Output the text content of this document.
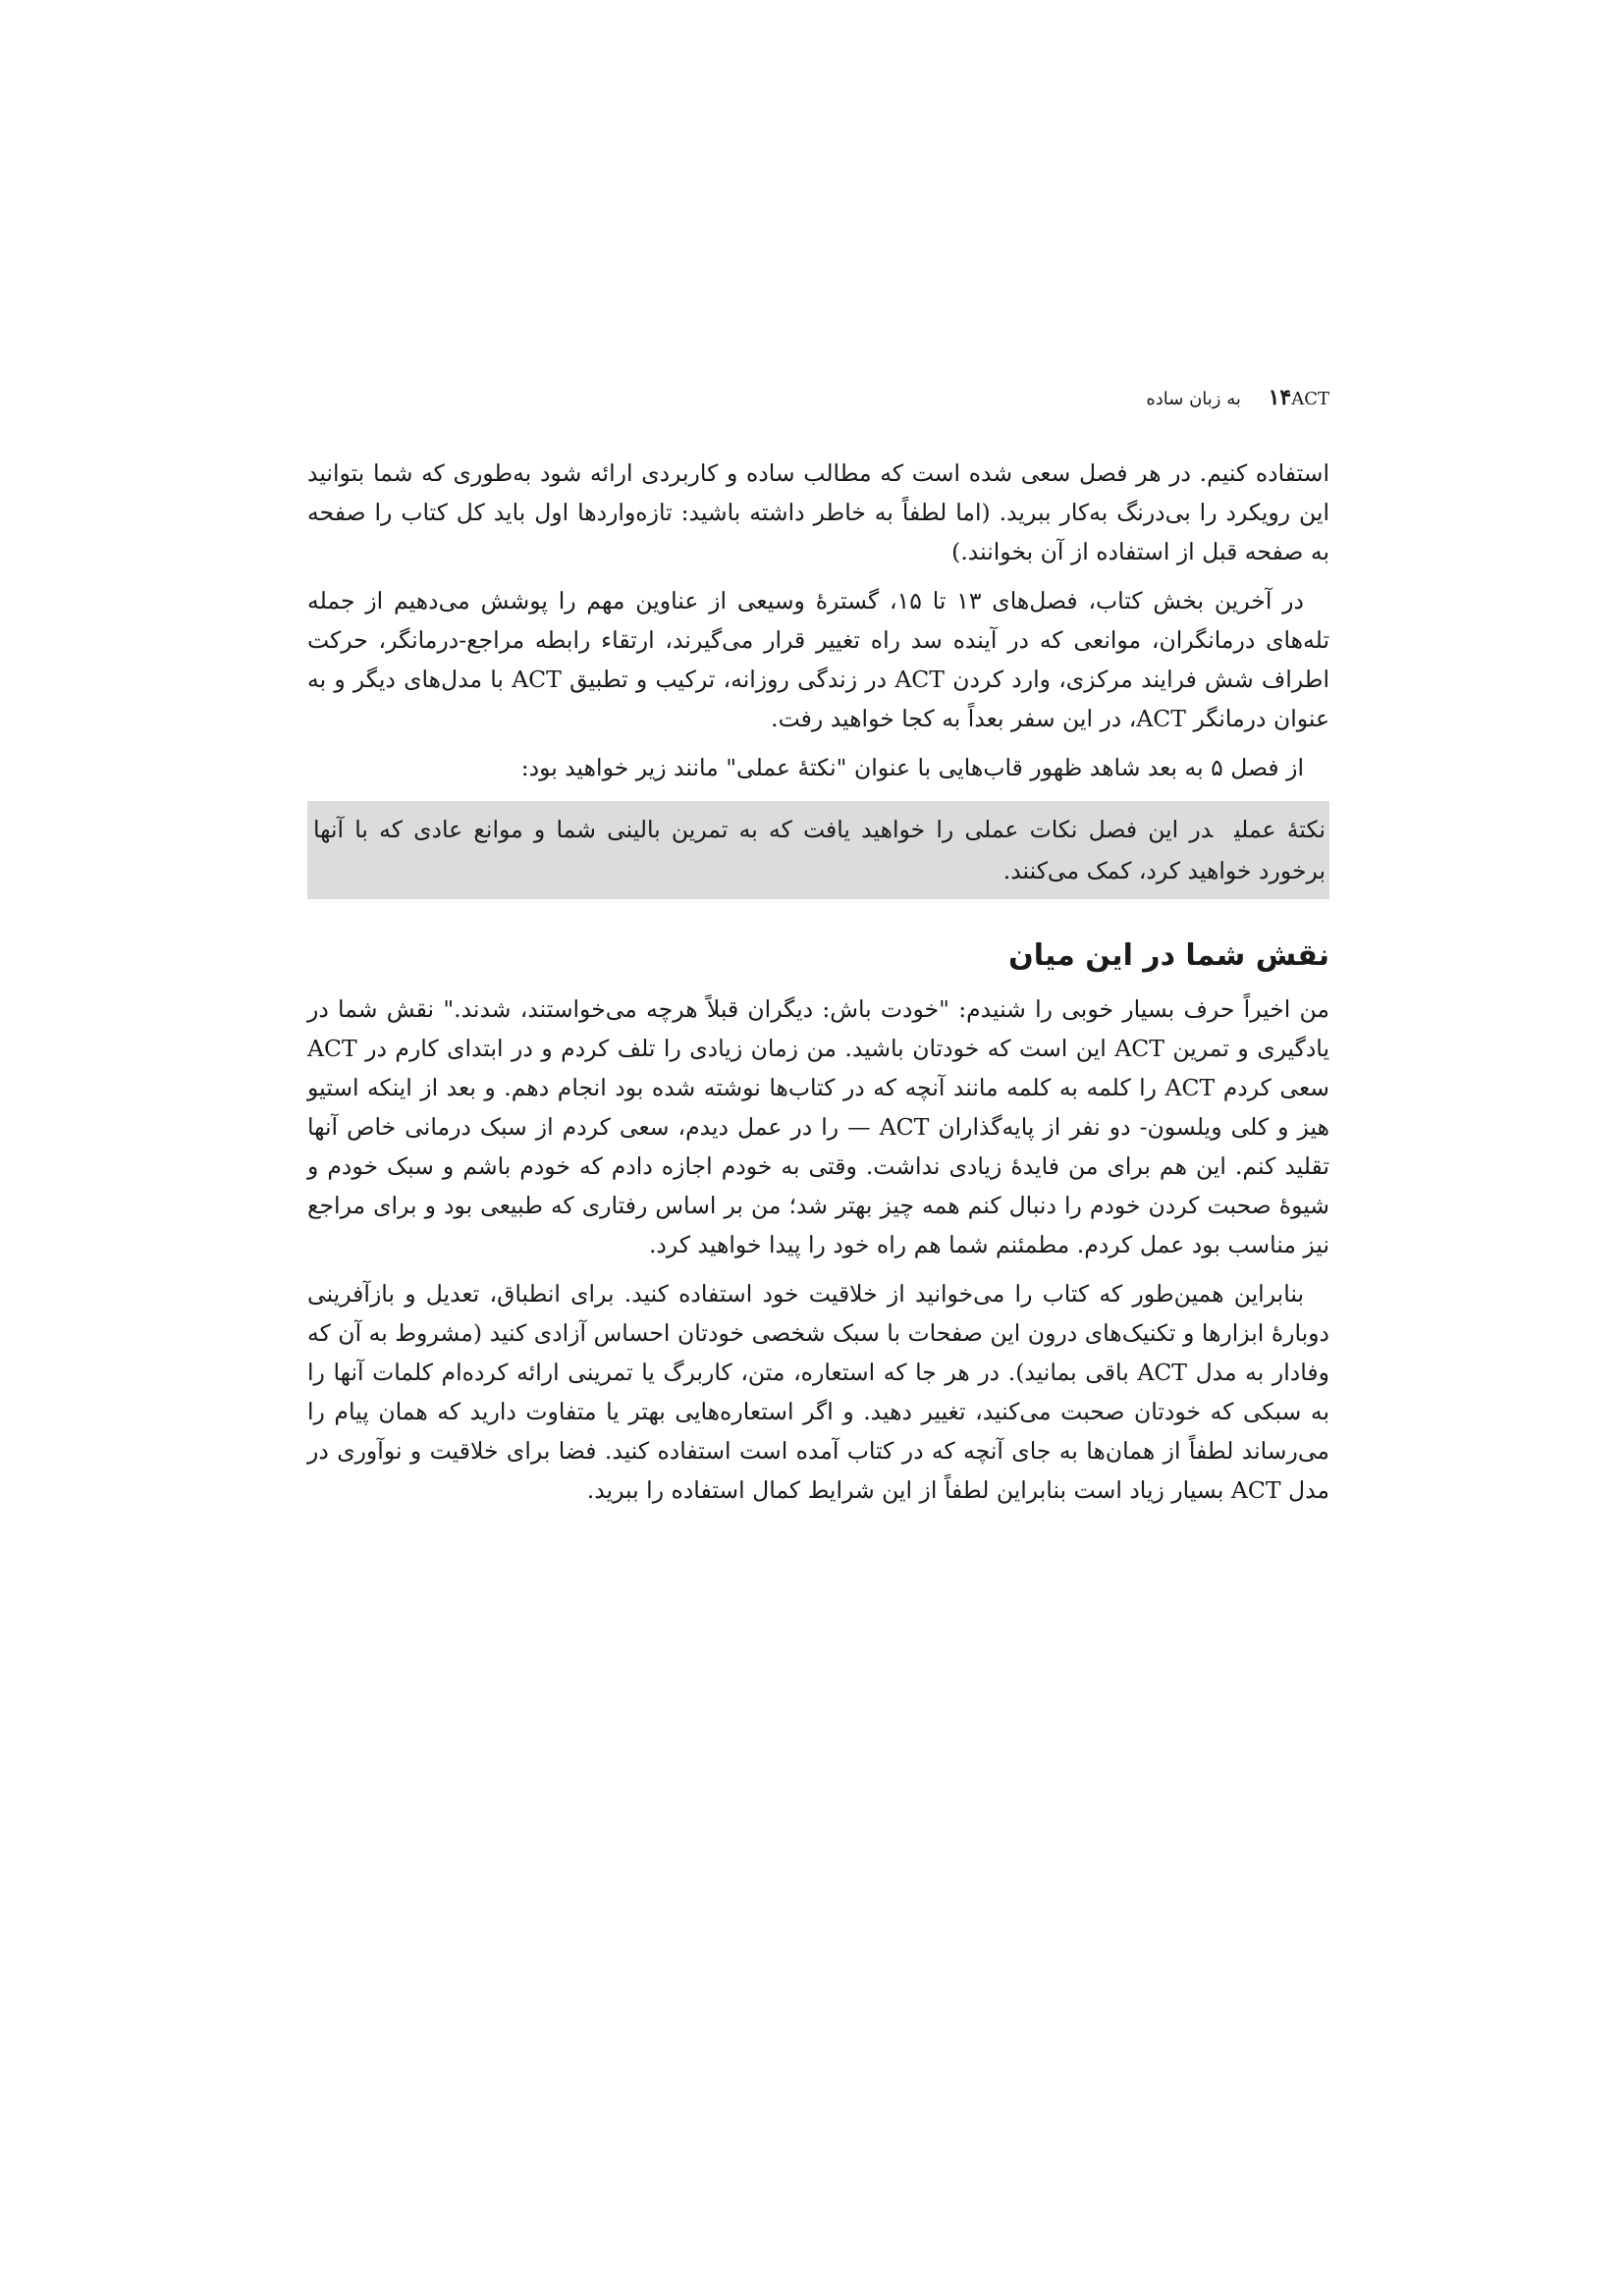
۱۴ACT به زبان ساده

استفاده کنیم. در هر فصل سعی شده است که مطالب ساده و کاربردی ارائه شود به‌طوری که شما بتوانید این رویکرد را بی‌درنگ به‌کار ببرید. (اما لطفاً به خاطر داشته باشید: تازه‌واردها اول باید کل کتاب را صفحه به صفحه قبل از استفاده از آن بخوانند.)

در آخرین بخش کتاب، فصل‌های ۱۳ تا ۱۵، گسترهٔ وسیعی از عناوین مهم را پوشش می‌دهیم از جمله تله‌های درمانگران، موانعی که در آینده سد راه تغییر قرار می‌گیرند، ارتقاء رابطه مراجع-درمانگر، حرکت اطراف شش فرایند مرکزی، وارد کردن ACT در زندگی روزانه، ترکیب و تطبیق ACT با مدل‌های دیگر و به عنوان درمانگر ACT، در این سفر بعداً به کجا خواهید رفت.

از فصل ۵ به بعد شاهد ظهور قاب‌هایی با عنوان "نکتهٔ عملی" مانند زیر خواهید بود:

نکتهٔ عملیدر این فصل نکات عملی را خواهید یافت که به تمرین بالینی شما و موانع عادی که با آنها برخورد خواهید کرد، کمک می‌کنند.
نقش شما در این میان

من اخیراً حرف بسیار خوبی را شنیدم: "خودت باش: دیگران قبلاً هرچه می‌خواستند، شدند." نقش شما در یادگیری و تمرین ACT این است که خودتان باشید. من زمان زیادی را تلف کردم و در ابتدای کارم در ACT سعی کردم ACT را کلمه به کلمه مانند آنچه که در کتاب‌ها نوشته شده بود انجام دهم. و بعد از اینکه استیو هیز و کلی ویلسون- دو نفر از پایه‌گذاران ACT — را در عمل دیدم، سعی کردم از سبک درمانی خاص آنها تقلید کنم. این هم برای من فایدهٔ زیادی نداشت. وقتی به خودم اجازه دادم که خودم باشم و سبک خودم و شیوهٔ صحبت کردن خودم را دنبال کنم همه چیز بهتر شد؛ من بر اساس رفتاری که طبیعی بود و برای مراجع نیز مناسب بود عمل کردم. مطمئنم شما هم راه خود را پیدا خواهید کرد.

بنابراین همین‌طور که کتاب را می‌خوانید از خلاقیت خود استفاده کنید. برای انطباق، تعدیل و بازآفرینی دوبارهٔ ابزارها و تکنیک‌های درون این صفحات با سبک شخصی خودتان احساس آزادی کنید (مشروط به آن که وفادار به مدل ACT باقی بمانید). در هر جا که استعاره، متن، کاربرگ یا تمرینی ارائه کرده‌ام کلمات آنها را به سبکی که خودتان صحبت می‌کنید، تغییر دهید. و اگر استعاره‌هایی بهتر یا متفاوت دارید که همان پیام را می‌رساند لطفاً از همان‌ها به جای آنچه که در کتاب آمده است استفاده کنید. فضا برای خلاقیت و نوآوری در مدل ACT بسیار زیاد است بنابراین لطفاً از این شرایط کمال استفاده را ببرید.
